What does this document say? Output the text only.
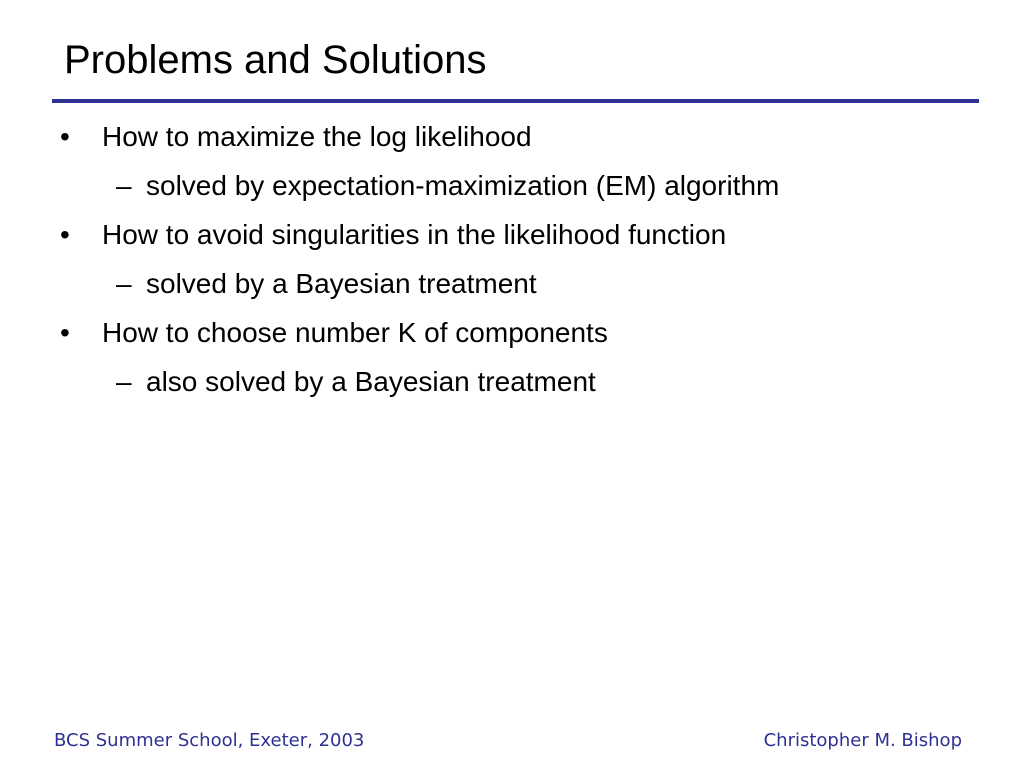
Problems and Solutions
• How to maximize the log likelihood
– solved by expectation-maximization (EM) algorithm
• How to avoid singularities in the likelihood function
– solved by a Bayesian treatment
• How to choose number K of components
– also solved by a Bayesian treatment
BCS Summer School, Exeter, 2003	Christopher M. Bishop
